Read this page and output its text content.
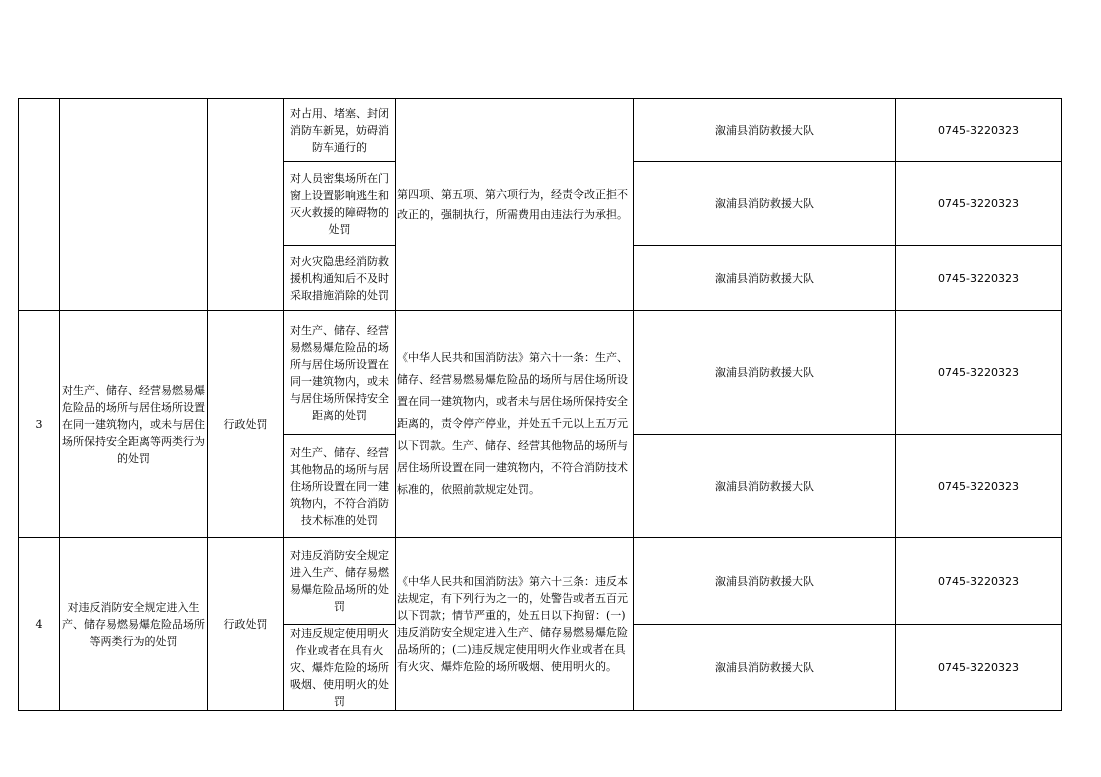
			对占用、堵塞、封闭消防车新晃，妨碍消防车通行的	第四项、第五项、第六项行为，经责令改正拒不改正的，强制执行，所需费用由违法行为承担。	溆浦县消防救援大队	0745-3220323
			对人员密集场所在门窗上设置影响逃生和灭火救援的障碍物的处罚		溆浦县消防救援大队	0745-3220323
			对火灾隐患经消防救援机构通知后不及时采取措施消除的处罚		溆浦县消防救援大队	0745-3220323
3	对生产、储存、经营易燃易爆危险品的场所与居住场所设置在同一建筑物内，或未与居住场所保持安全距离等两类行为的处罚	行政处罚	对生产、储存、经营易燃易爆危险品的场所与居住场所设置在同一建筑物内，或未与居住场所保持安全距离的处罚	《中华人民共和国消防法》第六十一条：生产、储存、经营易燃易爆危险品的场所与居住场所设置在同一建筑物内，或者未与居住场所保持安全距离的，责令停产停业，并处五千元以上五万元以下罚款。生产、储存、经营其他物品的场所与居住场所设置在同一建筑物内，不符合消防技术标准的，依照前款规定处罚。	溆浦县消防救援大队	0745-3220323
			对生产、储存、经营其他物品的场所与居住场所设置在同一建筑物内，不符合消防技术标准的处罚		溆浦县消防救援大队	0745-3220323
4	对违反消防安全规定进入生产、储存易燃易爆危险品场所等两类行为的处罚	行政处罚	对违反消防安全规定进入生产、储存易燃易爆危险品场所的处罚	《中华人民共和国消防法》第六十三条：违反本法规定，有下列行为之一的，处警告或者五百元以下罚款；情节严重的，处五日以下拘留：(一)违反消防安全规定进入生产、储存易燃易爆危险品场所的；(二)违反规定使用明火作业或者在具有火灾、爆炸危险的场所吸烟、使用明火的。	溆浦县消防救援大队	0745-3220323
			对违反规定使用明火作业或者在具有火灾、爆炸危险的场所吸烟、使用明火的处罚		溆浦县消防救援大队	0745-3220323
